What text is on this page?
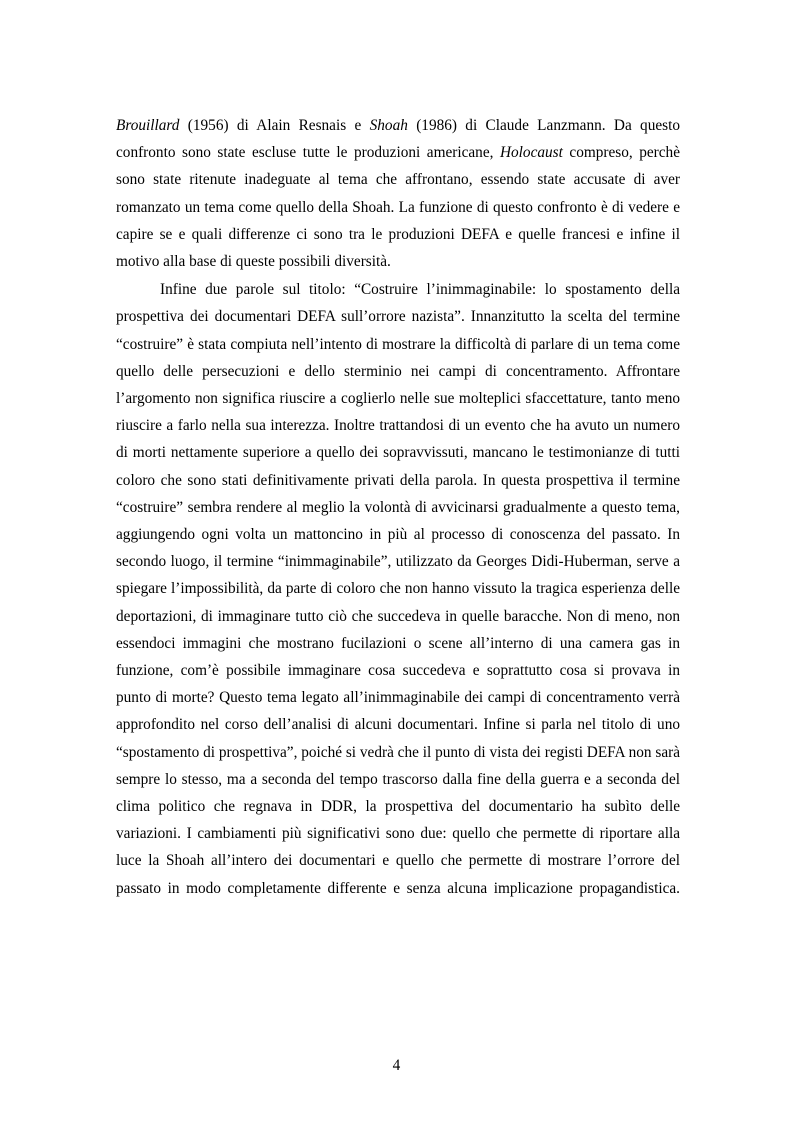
Brouillard (1956) di Alain Resnais e Shoah (1986) di Claude Lanzmann. Da questo confronto sono state escluse tutte le produzioni americane, Holocaust compreso, perchè sono state ritenute inadeguate al tema che affrontano, essendo state accusate di aver romanzato un tema come quello della Shoah. La funzione di questo confronto è di vedere e capire se e quali differenze ci sono tra le produzioni DEFA e quelle francesi e infine il motivo alla base di queste possibili diversità.

Infine due parole sul titolo: “Costruire l’inimmaginabile: lo spostamento della prospettiva dei documentari DEFA sull’orrore nazista”. Innanzitutto la scelta del termine “costruire” è stata compiuta nell’intento di mostrare la difficoltà di parlare di un tema come quello delle persecuzioni e dello sterminio nei campi di concentramento. Affrontare l’argomento non significa riuscire a coglierlo nelle sue molteplici sfaccettature, tanto meno riuscire a farlo nella sua interezza. Inoltre trattandosi di un evento che ha avuto un numero di morti nettamente superiore a quello dei sopravvissuti, mancano le testimonianze di tutti coloro che sono stati definitivamente privati della parola. In questa prospettiva il termine “costruire” sembra rendere al meglio la volontà di avvicinarsi gradualmente a questo tema, aggiungendo ogni volta un mattoncino in più al processo di conoscenza del passato. In secondo luogo, il termine “inimmaginabile”, utilizzato da Georges Didi-Huberman, serve a spiegare l’impossibilità, da parte di coloro che non hanno vissuto la tragica esperienza delle deportazioni, di immaginare tutto ciò che succedeva in quelle baracche. Non di meno, non essendoci immagini che mostrano fucilazioni o scene all’interno di una camera gas in funzione, com’è possibile immaginare cosa succedeva e soprattutto cosa si provava in punto di morte? Questo tema legato all’inimmaginabile dei campi di concentramento verrà approfondito nel corso dell’analisi di alcuni documentari. Infine si parla nel titolo di uno “spostamento di prospettiva”, poiché si vedrà che il punto di vista dei registi DEFA non sarà sempre lo stesso, ma a seconda del tempo trascorso dalla fine della guerra e a seconda del clima politico che regnava in DDR, la prospettiva del documentario ha subìto delle variazioni. I cambiamenti più significativi sono due: quello che permette di riportare alla luce la Shoah all’intero dei documentari e quello che permette di mostrare l’orrore del passato in modo completamente differente e senza alcuna implicazione propagandistica.

4
